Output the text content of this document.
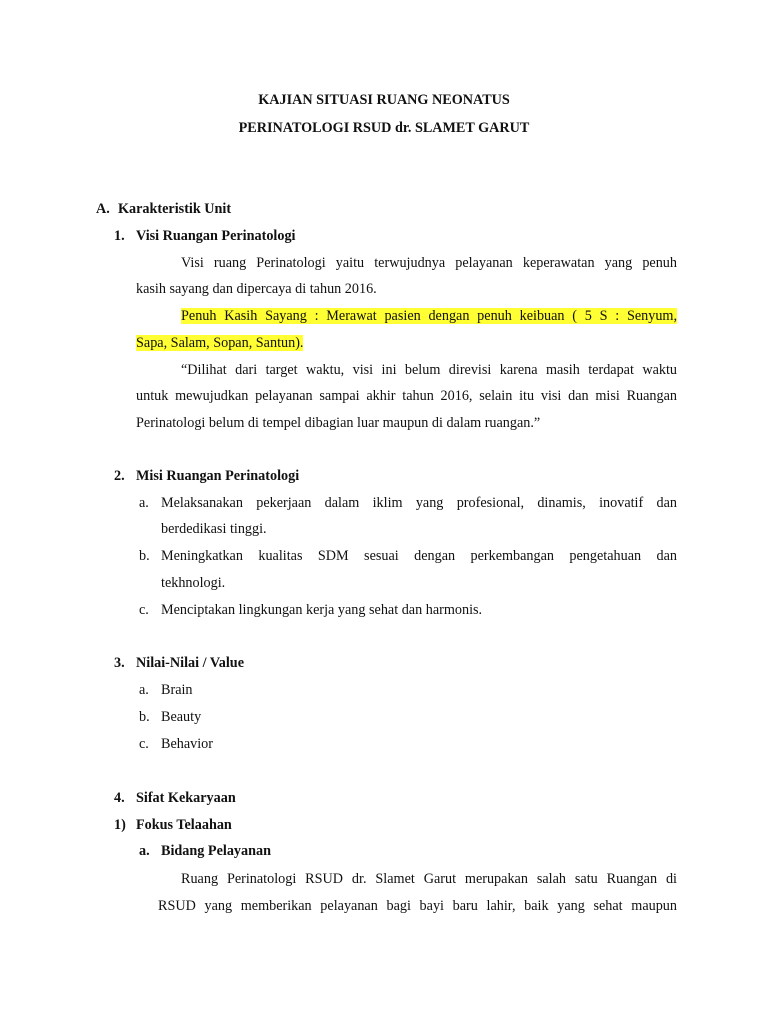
KAJIAN SITUASI RUANG NEONATUS
PERINATOLOGI RSUD dr. SLAMET GARUT
A. Karakteristik Unit
1. Visi Ruangan Perinatologi
Visi ruang Perinatologi yaitu terwujudnya pelayanan keperawatan yang penuh
kasih sayang dan dipercaya di tahun 2016.
Penuh Kasih Sayang : Merawat pasien dengan penuh keibuan ( 5 S : Senyum,
Sapa, Salam, Sopan, Santun).
“Dilihat dari target waktu, visi ini belum direvisi karena masih terdapat waktu
untuk mewujudkan pelayanan sampai akhir tahun 2016, selain itu visi dan misi Ruangan
Perinatologi belum di tempel dibagian luar maupun di dalam ruangan.”
2. Misi Ruangan Perinatologi
a. Melaksanakan pekerjaan dalam iklim yang profesional, dinamis, inovatif dan
berdedikasi tinggi.
b. Meningkatkan kualitas SDM sesuai dengan perkembangan pengetahuan dan
tekhnologi.
c. Menciptakan lingkungan kerja yang sehat dan harmonis.
3. Nilai-Nilai / Value
a. Brain
b. Beauty
c. Behavior
4. Sifat Kekaryaan
1) Fokus Telaahan
a. Bidang Pelayanan
Ruang Perinatologi RSUD dr. Slamet Garut merupakan salah satu Ruangan di
RSUD yang memberikan pelayanan bagi bayi baru lahir, baik yang sehat maupun
